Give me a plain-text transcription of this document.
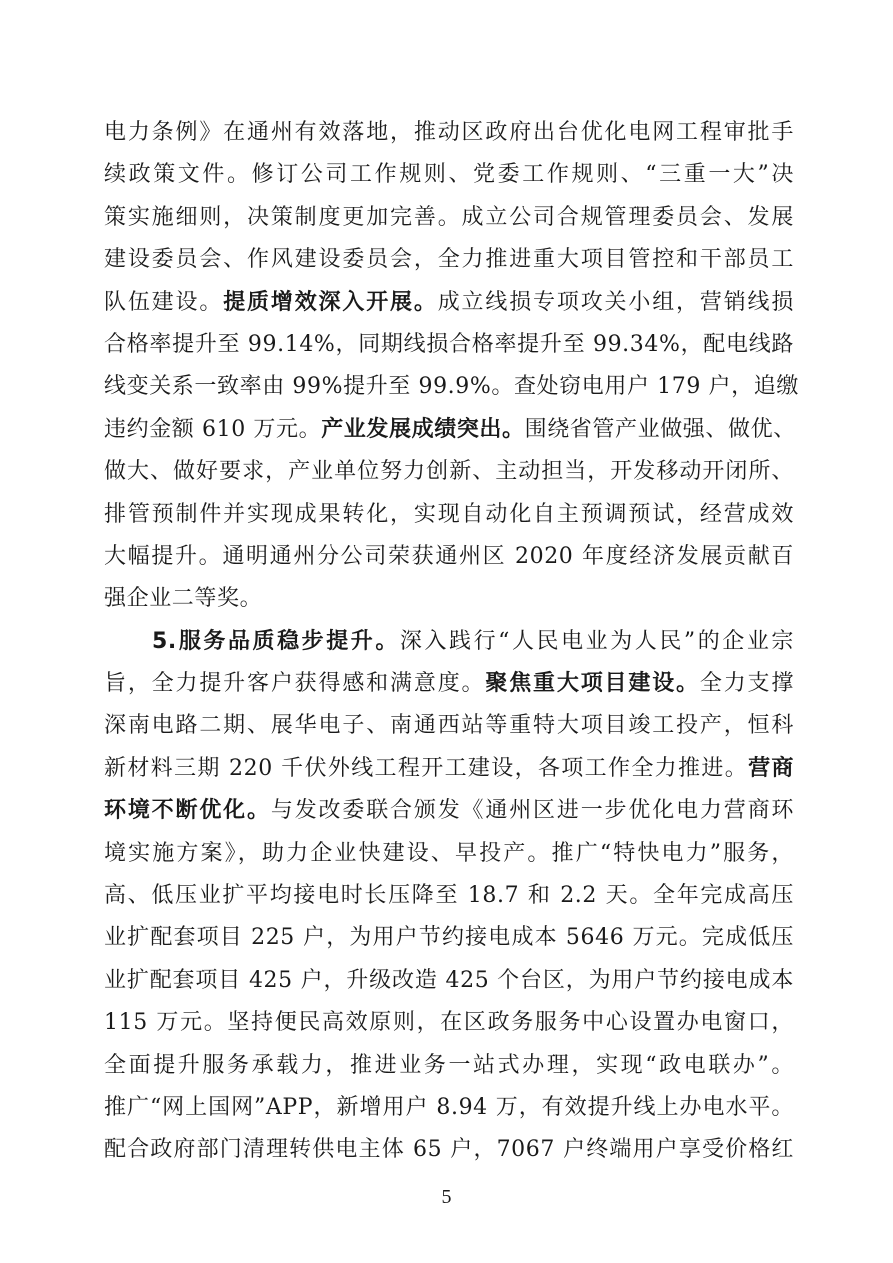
电力条例》在通州有效落地，推动区政府出台优化电网工程审批手
续政策文件。修订公司工作规则、党委工作规则、“三重一大”决
策实施细则，决策制度更加完善。成立公司合规管理委员会、发展
建设委员会、作风建设委员会，全力推进重大项目管控和干部员工
队伍建设。提质增效深入开展。成立线损专项攻关小组，营销线损
合格率提升至 99.14%，同期线损合格率提升至 99.34%，配电线路
线变关系一致率由 99%提升至 99.9%。查处窃电用户 179 户，追缴
违约金额 610 万元。产业发展成绩突出。围绕省管产业做强、做优、
做大、做好要求，产业单位努力创新、主动担当，开发移动开闭所、
排管预制件并实现成果转化，实现自动化自主预调预试，经营成效
大幅提升。通明通州分公司荣获通州区 2020 年度经济发展贡献百
强企业二等奖。
5.服务品质稳步提升。深入践行“人民电业为人民”的企业宗
旨，全力提升客户获得感和满意度。聚焦重大项目建设。全力支撑
深南电路二期、展华电子、南通西站等重特大项目竣工投产，恒科
新材料三期 220 千伏外线工程开工建设，各项工作全力推进。营商
环境不断优化。与发改委联合颁发《通州区进一步优化电力营商环
境实施方案》，助力企业快建设、早投产。推广“特快电力”服务，
高、低压业扩平均接电时长压降至 18.7 和 2.2 天。全年完成高压
业扩配套项目 225 户，为用户节约接电成本 5646 万元。完成低压
业扩配套项目 425 户，升级改造 425 个台区，为用户节约接电成本
115 万元。坚持便民高效原则，在区政务服务中心设置办电窗口，
全面提升服务承载力，推进业务一站式办理，实现“政电联办”。
推广“网上国网”APP，新增用户 8.94 万，有效提升线上办电水平。
配合政府部门清理转供电主体 65 户，7067 户终端用户享受价格红
5
